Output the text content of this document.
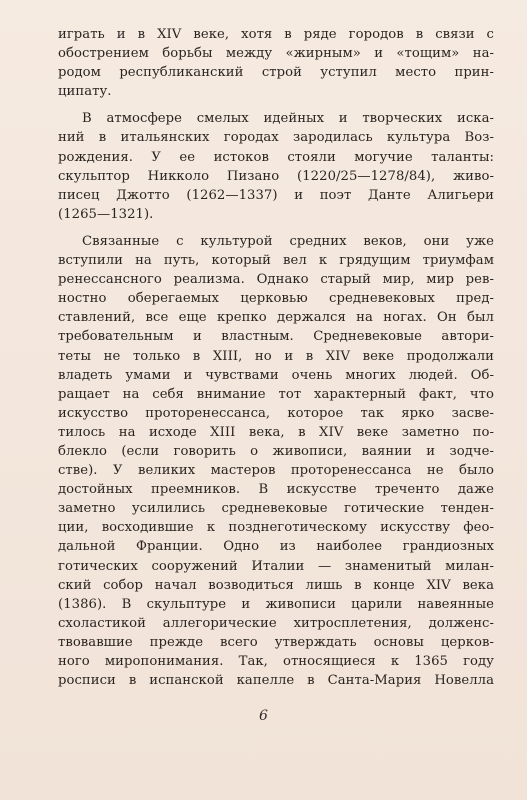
играть и в XIV веке, хотя в ряде городов в связи с
обострением борьбы между «жирным» и «тощим» на-
родом республиканский строй уступил место прин-
ципату.
В атмосфере смелых идейных и творческих иска-
ний в итальянских городах зародилась культура Воз-
рождения. У ее истоков стояли могучие таланты:
скульптор Никколо Пизано (1220/25—1278/84), живо-
писец Джотто (1262—1337) и поэт Данте Алигьери
(1265—1321).
Связанные с культурой средних веков, они уже
вступили на путь, который вел к грядущим триумфам
ренессансного реализма. Однако старый мир, мир рев-
ностно оберегаемых церковью средневековых пред-
ставлений, все еще крепко держался на ногах. Он был
требовательным и властным. Средневековые автори-
теты не только в XIII, но и в XIV веке продолжали
владеть умами и чувствами очень многих людей. Об-
ращает на себя внимание тот характерный факт, что
искусство проторенессанса, которое так ярко засве-
тилось на исходе XIII века, в XIV веке заметно по-
блекло (если говорить о живописи, ваянии и зодче-
стве). У великих мастеров проторенессанса не было
достойных преемников. В искусстве треченто даже
заметно усилились средневековые готические тенден-
ции, восходившие к позднеготическому искусству фео-
дальной Франции. Одно из наиболее грандиозных
готических сооружений Италии — знаменитый милан-
ский собор начал возводиться лишь в конце XIV века
(1386). В скульптуре и живописи царили навеянные
схоластикой аллегорические хитросплетения, долженс-
твовавшие прежде всего утверждать основы церков-
ного миропонимания. Так, относящиеся к 1365 году
росписи в испанской капелле в Санта-Мария Новелла
6
